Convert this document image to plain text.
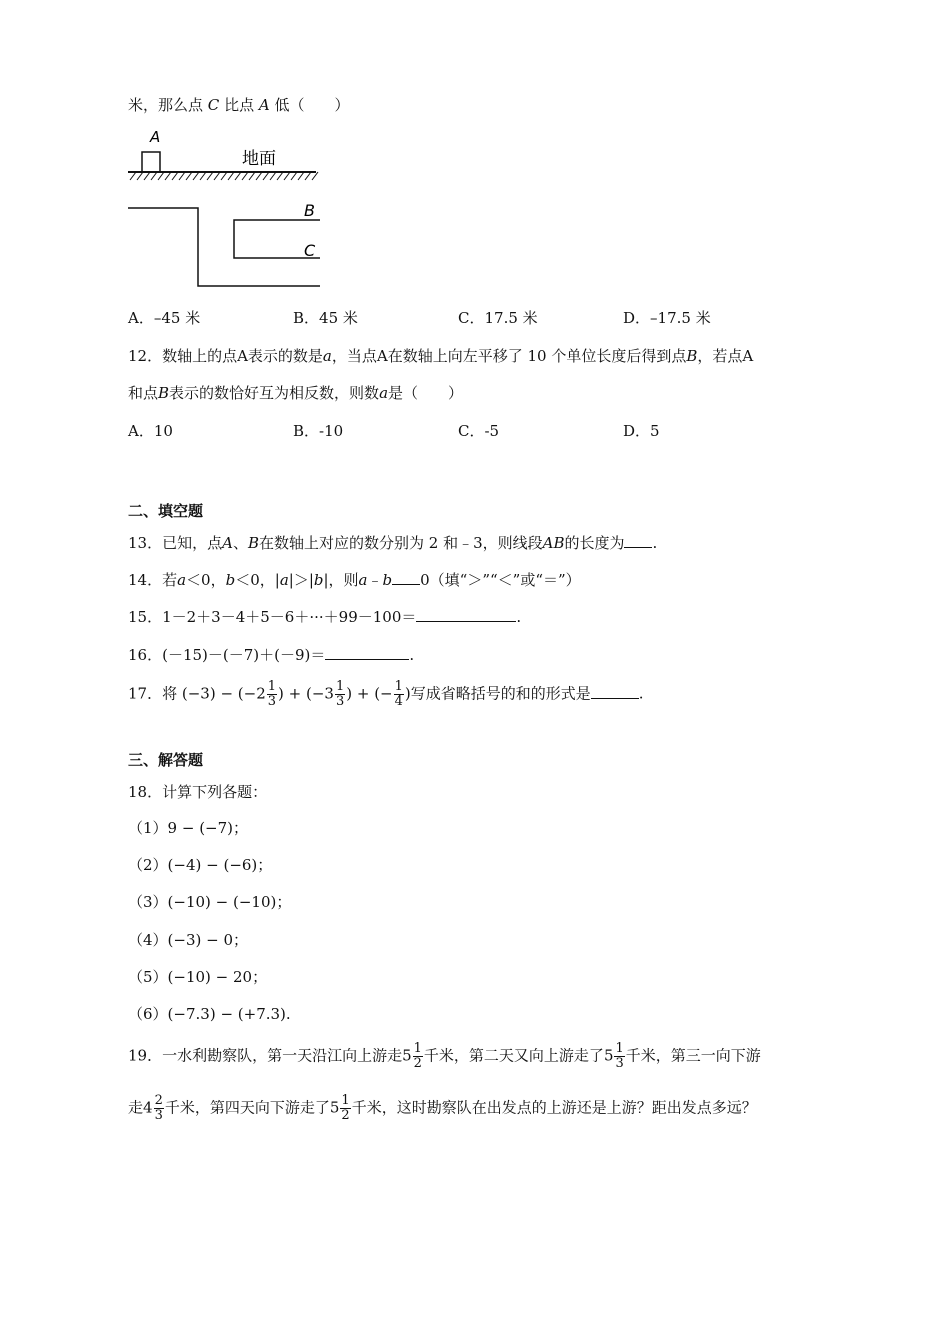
米，那么点 C 比点 A 低（　　）
A
地面
B
C
A．–45 米	B．45 米	C．17.5 米	D．–17.5 米
12．数轴上的点A表示的数是a，当点A在数轴上向左平移了 10 个单位长度后得到点B，若点A
和点B表示的数恰好互为相反数，则数a是（　　）
A．10	B．-10	C．-5	D．5
二、填空题
13．已知，点A、B在数轴上对应的数分别为 2 和﹣3，则线段AB的长度为 .
14．若a＜0，b＜0，|a|＞|b|，则a﹣b 0（填“＞”“＜”或“＝”）
15．1－2＋3－4＋5－6＋···＋99－100＝	.
16．(－15)－(－7)＋(－9)＝	.
17．将 $(-3) - (-2 \frac{1}{3}$ ) + ($-3 \frac{1}{3}$ ) + (− $\frac{1}{4}$ )写成省略括号的和的形式是	.
三、解答题
18．计算下列各题：
（1）9 − (−7)；
（2）(−4) − (−6)；
（3）(−10) − (−10)；
（4）(−3) − 0；
（5）(−10) − 20；
（6）(−7.3) − (+7.3).
19．一水利勘察队，第一天沿江向上游走$5 \frac{1}{2}$ 千米，第二天又向上游走了$5 \frac{1}{3}$ 千米，第三一向下游
走$4 \frac{2}{3}$ 千米，第四天向下游走了$5 \frac{1}{2}$ 千米，这时勘察队在出发点的上游还是上游？距出发点多远？
